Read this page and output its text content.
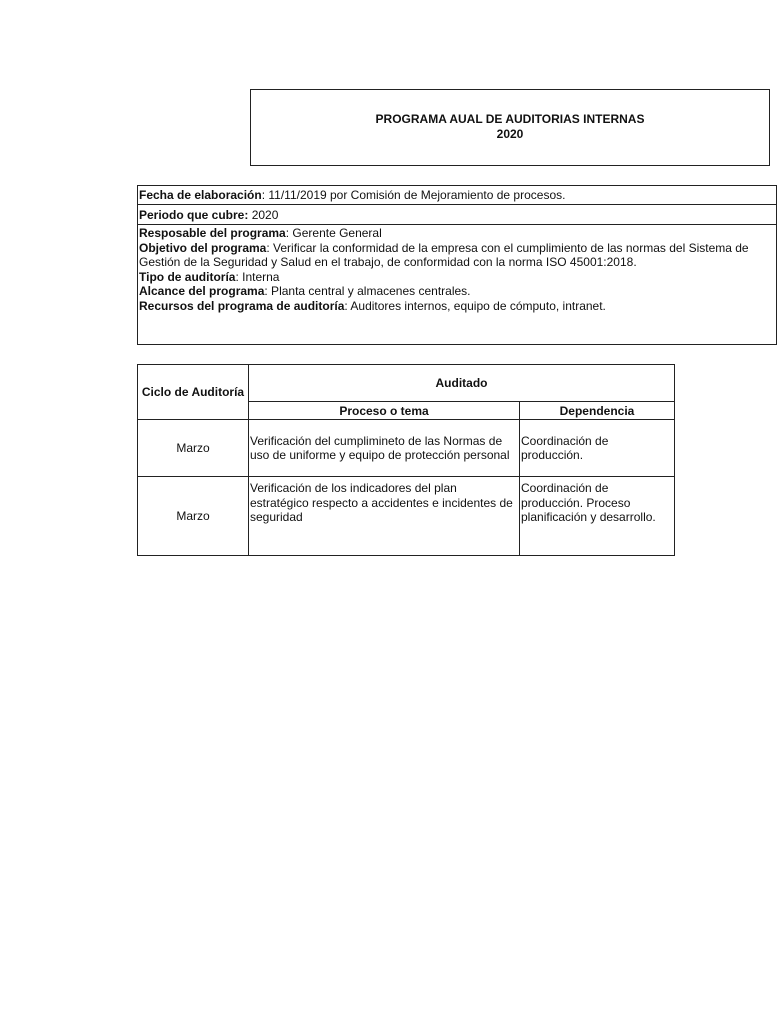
PROGRAMA AUAL DE AUDITORIAS INTERNAS
2020
Fecha de elaboración: 11/11/2019 por Comisión de Mejoramiento de procesos.
Periodo que cubre: 2020
Resposable del programa: Gerente General
Objetivo del programa: Verificar la conformidad de la empresa con el cumplimiento de las normas del Sistema de
Gestión de la Seguridad y Salud en el trabajo, de conformidad con la norma ISO 45001:2018.
Tipo de auditoría: Interna
Alcance del programa: Planta central y almacenes centrales.
Recursos del programa de auditoría: Auditores internos, equipo de cómputo, intranet.
Ciclo de Auditoría	Auditado	
	Proceso o tema	Dependencia
Marzo	Verificación del cumplimineto de las Normas de uso de uniforme y equipo de protección personal	Coordinación de producción.
Marzo	Verificación de los indicadores del plan estratégico respecto a accidentes e incidentes de seguridad	Coordinación de producción. Proceso planificación y desarrollo.
